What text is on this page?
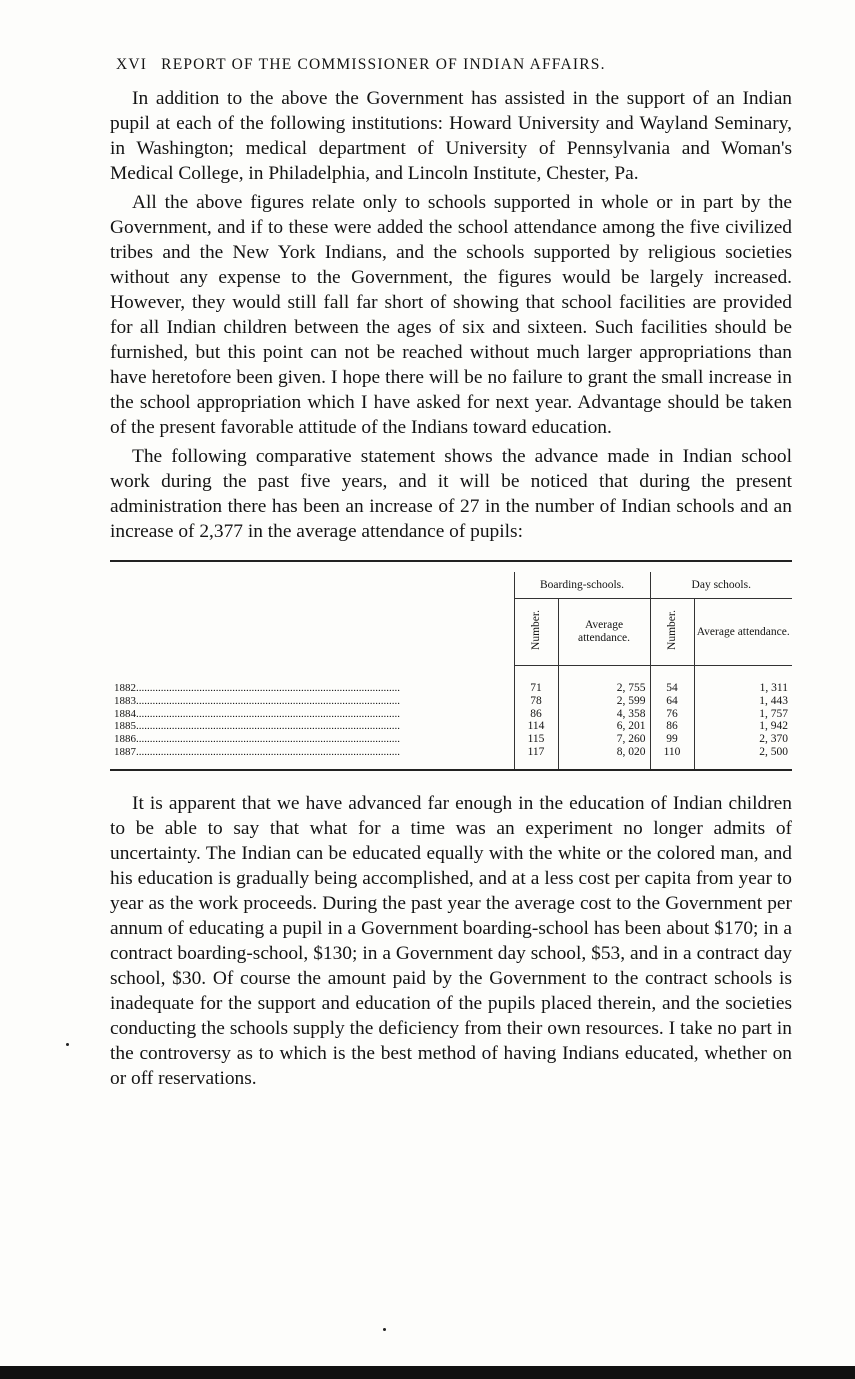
XVI REPORT OF THE COMMISSIONER OF INDIAN AFFAIRS.

In addition to the above the Government has assisted in the support of an Indian pupil at each of the following institutions: Howard University and Wayland Seminary, in Washington; medical department of University of Pennsylvania and Woman's Medical College, in Philadelphia, and Lincoln Institute, Chester, Pa.

All the above figures relate only to schools supported in whole or in part by the Government, and if to these were added the school attendance among the five civilized tribes and the New York Indians, and the schools supported by religious societies without any expense to the Government, the figures would be largely increased. However, they would still fall far short of showing that school facilities are provided for all Indian children between the ages of six and sixteen. Such facilities should be furnished, but this point can not be reached without much larger appropriations than have heretofore been given. I hope there will be no failure to grant the small increase in the school appropriation which I have asked for next year. Advantage should be taken of the present favorable attitude of the Indians toward education.

The following comparative statement shows the advance made in Indian school work during the past five years, and it will be noticed that during the present administration there has been an increase of 27 in the number of Indian schools and an increase of 2,377 in the average attendance of pupils:

	Boarding-schools.		Day schools.	
	Number.	Average attendance.	Number.	Average attendance.
1882................................................................................................	71	2, 755	54	1, 311
1883................................................................................................	78	2, 599	64	1, 443
1884................................................................................................	86	4, 358	76	1, 757
1885................................................................................................	114	6, 201	86	1, 942
1886................................................................................................	115	7, 260	99	2, 370
1887................................................................................................	117	8, 020	110	2, 500

It is apparent that we have advanced far enough in the education of Indian children to be able to say that what for a time was an experiment no longer admits of uncertainty. The Indian can be educated equally with the white or the colored man, and his education is gradually being accomplished, and at a less cost per capita from year to year as the work proceeds. During the past year the average cost to the Government per annum of educating a pupil in a Government boarding-school has been about $170; in a contract boarding-school, $130; in a Government day school, $53, and in a contract day school, $30. Of course the amount paid by the Government to the contract schools is inadequate for the support and education of the pupils placed therein, and the societies conducting the schools supply the deficiency from their own resources. I take no part in the controversy as to which is the best method of having Indians educated, whether on or off reservations.
